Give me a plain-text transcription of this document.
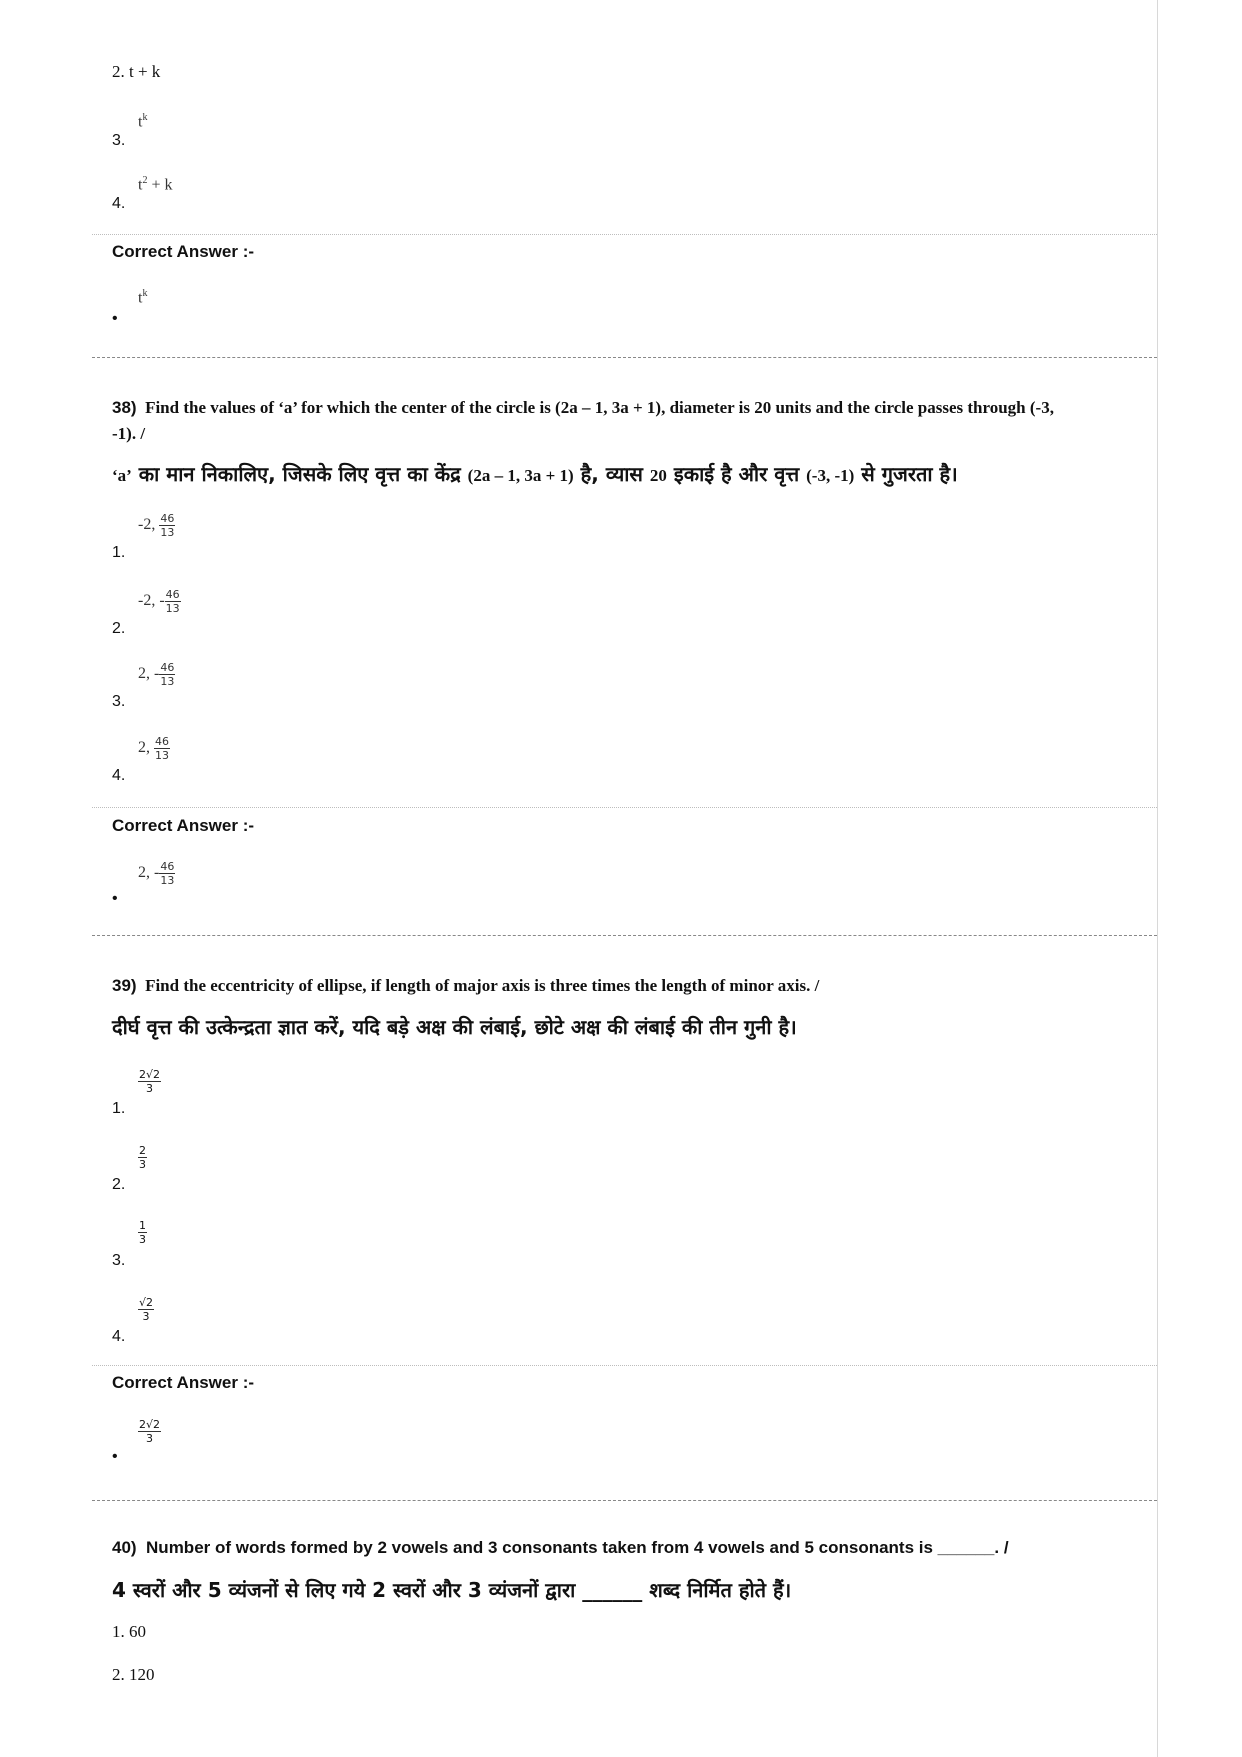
2. t + k
3.
$t^k$
4.
$t^2 + k$
Correct Answer :-
$t^k$
•
38) Find the values of ‘a’ for which the center of the circle is (2a – 1, 3a + 1), diameter is 20 units and the circle passes through (-3, -1). /
‘a’ का मान निकालिए, जिसके लिए वृत्त का केंद्र (2a – 1, 3a + 1) है, व्यास 20 इकाई है और वृत्त (-3, -1) से गुजरता है।
1.
-2, $\frac{46}{13}$
2.
-2, - $\frac{46}{13}$
3.
2, - $\frac{46}{13}$
4.
2, $\frac{46}{13}$
Correct Answer :-
2, - $\frac{46}{13}$
•
39) Find the eccentricity of ellipse, if length of major axis is three times the length of minor axis. /
दीर्घ वृत्त की उत्केन्द्रता ज्ञात करें, यदि बड़े अक्ष की लंबाई, छोटे अक्ष की लंबाई की तीन गुनी है।
1.
$\frac{2√2}{3}$
2.
$\frac{2}{3}$
3.
$\frac{1}{3}$
4.
$\frac{√2}{3}$
Correct Answer :-
$\frac{2√2}{3}$
•
40) Number of words formed by 2 vowels and 3 consonants taken from 4 vowels and 5 consonants is ______. /
4 स्वरों और 5 व्यंजनों से लिए गये 2 स्वरों और 3 व्यंजनों द्वारा ______ शब्द निर्मित होते हैं।
1. 60
2. 120
